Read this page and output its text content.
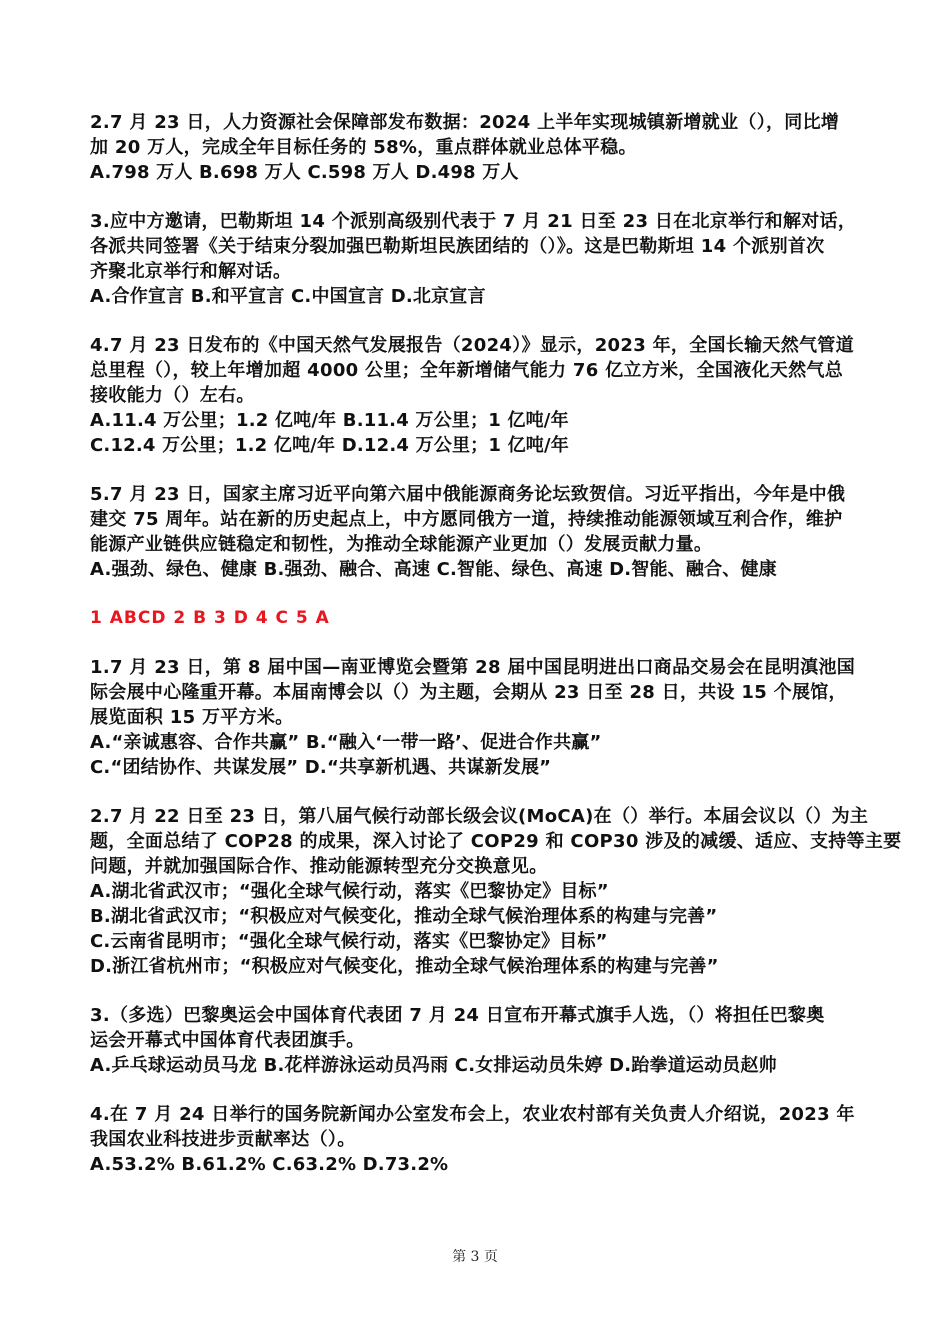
2.7 月 23 日，人力资源社会保障部发布数据：2024 上半年实现城镇新增就业（），同比增
加 20 万人，完成全年目标任务的 58%，重点群体就业总体平稳。
A.798 万人 B.698 万人 C.598 万人 D.498 万人
3.应中方邀请，巴勒斯坦 14 个派别高级别代表于 7 月 21 日至 23 日在北京举行和解对话，
各派共同签署《关于结束分裂加强巴勒斯坦民族团结的（）》。这是巴勒斯坦 14 个派别首次
齐聚北京举行和解对话。
A.合作宣言 B.和平宣言 C.中国宣言 D.北京宣言
4.7 月 23 日发布的《中国天然气发展报告（2024）》显示，2023 年，全国长输天然气管道
总里程（），较上年增加超 4000 公里；全年新增储气能力 76 亿立方米，全国液化天然气总
接收能力（）左右。
A.11.4 万公里；1.2 亿吨/年 B.11.4 万公里；1 亿吨/年
C.12.4 万公里；1.2 亿吨/年 D.12.4 万公里；1 亿吨/年
5.7 月 23 日，国家主席习近平向第六届中俄能源商务论坛致贺信。习近平指出，今年是中俄
建交 75 周年。站在新的历史起点上，中方愿同俄方一道，持续推动能源领域互利合作，维护
能源产业链供应链稳定和韧性，为推动全球能源产业更加（）发展贡献力量。
A.强劲、绿色、健康 B.强劲、融合、高速 C.智能、绿色、高速 D.智能、融合、健康
1 ABCD 2 B 3 D 4 C 5 A
1.7 月 23 日，第 8 届中国—南亚博览会暨第 28 届中国昆明进出口商品交易会在昆明滇池国
际会展中心隆重开幕。本届南博会以（）为主题，会期从 23 日至 28 日，共设 15 个展馆，
展览面积 15 万平方米。
A.“亲诚惠容、合作共赢” B.“融入‘一带一路’、促进合作共赢”
C.“团结协作、共谋发展” D.“共享新机遇、共谋新发展”
2.7 月 22 日至 23 日，第八届气候行动部长级会议(MoCA)在（）举行。本届会议以（）为主
题，全面总结了 COP28 的成果，深入讨论了 COP29 和 COP30 涉及的减缓、适应、支持等主要
问题，并就加强国际合作、推动能源转型充分交换意见。
A.湖北省武汉市；“强化全球气候行动，落实《巴黎协定》目标”
B.湖北省武汉市；“积极应对气候变化，推动全球气候治理体系的构建与完善”
C.云南省昆明市；“强化全球气候行动，落实《巴黎协定》目标”
D.浙江省杭州市；“积极应对气候变化，推动全球气候治理体系的构建与完善”
3.（多选）巴黎奥运会中国体育代表团 7 月 24 日宣布开幕式旗手人选，（）将担任巴黎奥
运会开幕式中国体育代表团旗手。
A.乒乓球运动员马龙 B.花样游泳运动员冯雨 C.女排运动员朱婷 D.跆拳道运动员赵帅
4.在 7 月 24 日举行的国务院新闻办公室发布会上，农业农村部有关负责人介绍说，2023 年
我国农业科技进步贡献率达（）。
A.53.2% B.61.2% C.63.2% D.73.2%
第 3 页
